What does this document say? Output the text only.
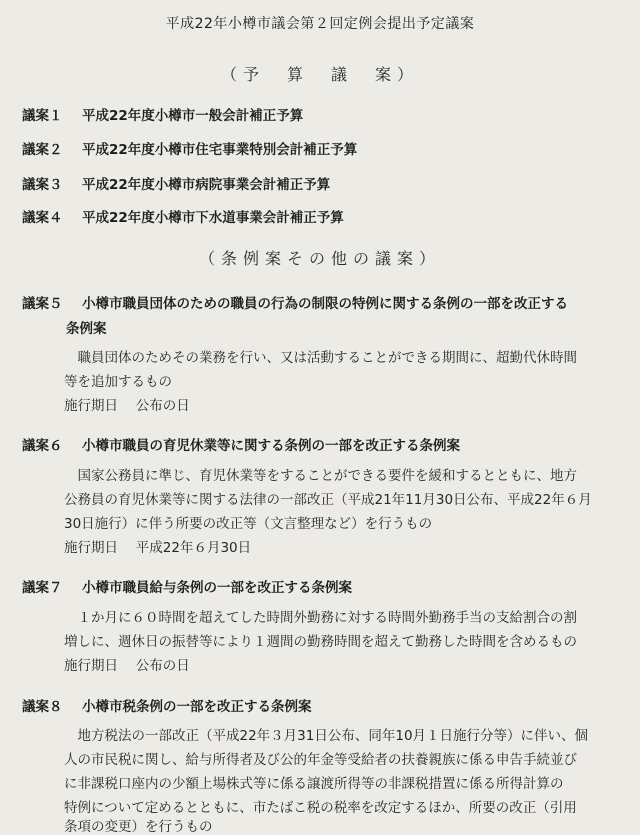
平成22年小樽市議会第２回定例会提出予定議案
（予　算　議　案）
議案１ 平成22年度小樽市一般会計補正予算
議案２ 平成22年度小樽市住宅事業特別会計補正予算
議案３ 平成22年度小樽市病院事業会計補正予算
議案４ 平成22年度小樽市下水道事業会計補正予算
（条例案その他の議案）
議案５ 小樽市職員団体のための職員の行為の制限の特例に関する条例の一部を改正する
条例案
　職員団体のためその業務を行い、又は活動することができる期間に、超勤代休時間
等を追加するもの
施行期日　 公布の日
議案６ 小樽市職員の育児休業等に関する条例の一部を改正する条例案
　国家公務員に準じ、育児休業等をすることができる要件を緩和するとともに、地方
公務員の育児休業等に関する法律の一部改正（平成21年11月30日公布、平成22年６月
30日施行）に伴う所要の改正等（文言整理など）を行うもの
施行期日　 平成22年６月30日
議案７ 小樽市職員給与条例の一部を改正する条例案
　１か月に６０時間を超えてした時間外勤務に対する時間外勤務手当の支給割合の割
増しに、週休日の振替等により１週間の勤務時間を超えて勤務した時間を含めるもの
施行期日　 公布の日
議案８ 小樽市税条例の一部を改正する条例案
　地方税法の一部改正（平成22年３月31日公布、同年10月１日施行分等）に伴い、個
人の市民税に関し、給与所得者及び公的年金等受給者の扶養親族に係る申告手続並び
に非課税口座内の少額上場株式等に係る譲渡所得等の非課税措置に係る所得計算の
特例について定めるとともに、市たばこ税の税率を改定するほか、所要の改正（引用
条項の変更）を行うもの
